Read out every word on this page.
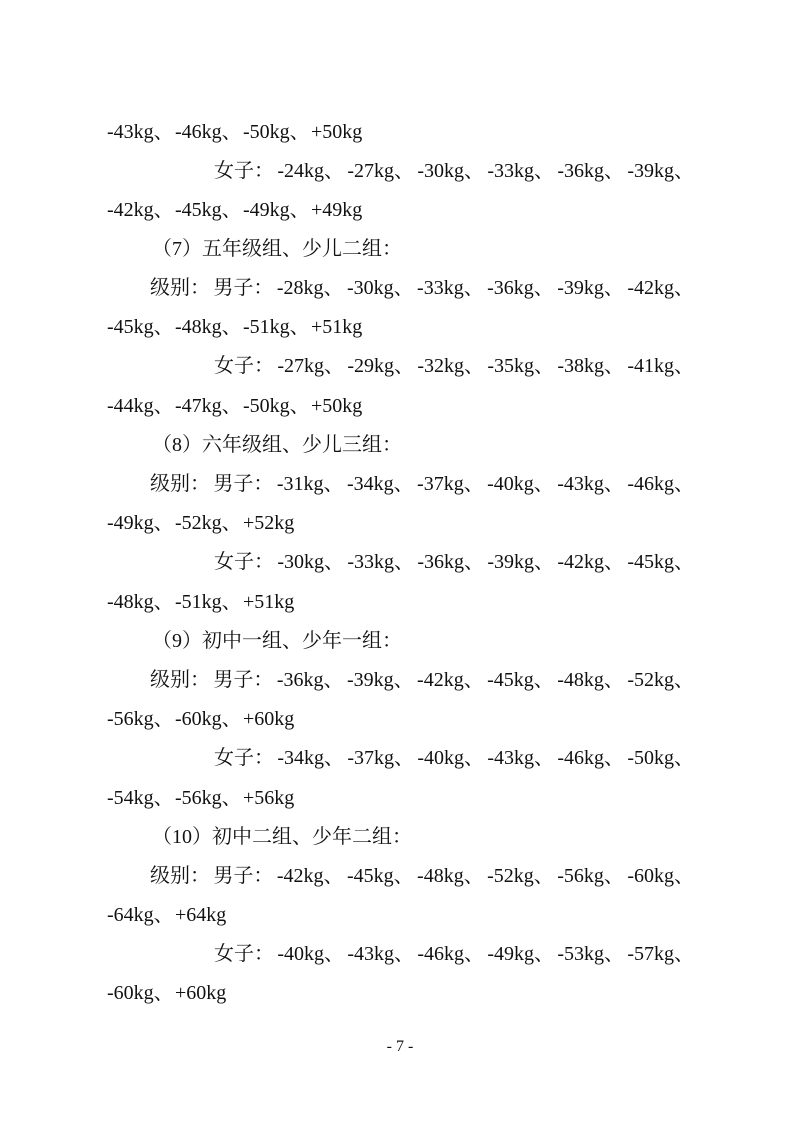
-43kg、 -46kg、 -50kg、 +50kg
女子： -24kg、 -27kg、 -30kg、 -33kg、 -36kg、 -39kg、
-42kg、 -45kg、 -49kg、 +49kg
（7）五年级组、少儿二组：
级别： 男子： -28kg、 -30kg、 -33kg、 -36kg、 -39kg、 -42kg、
-45kg、 -48kg、 -51kg、 +51kg
女子： -27kg、 -29kg、 -32kg、 -35kg、 -38kg、 -41kg、
-44kg、 -47kg、 -50kg、 +50kg
（8）六年级组、少儿三组：
级别： 男子： -31kg、 -34kg、 -37kg、 -40kg、 -43kg、 -46kg、
-49kg、 -52kg、 +52kg
女子： -30kg、 -33kg、 -36kg、 -39kg、 -42kg、 -45kg、
-48kg、 -51kg、 +51kg
（9）初中一组、少年一组：
级别： 男子： -36kg、 -39kg、 -42kg、 -45kg、 -48kg、 -52kg、
-56kg、 -60kg、 +60kg
女子： -34kg、 -37kg、 -40kg、 -43kg、 -46kg、 -50kg、
-54kg、 -56kg、 +56kg
（10）初中二组、少年二组：
级别： 男子： -42kg、 -45kg、 -48kg、 -52kg、 -56kg、 -60kg、
-64kg、 +64kg
女子： -40kg、 -43kg、 -46kg、 -49kg、 -53kg、 -57kg、
-60kg、 +60kg
- 7 -
